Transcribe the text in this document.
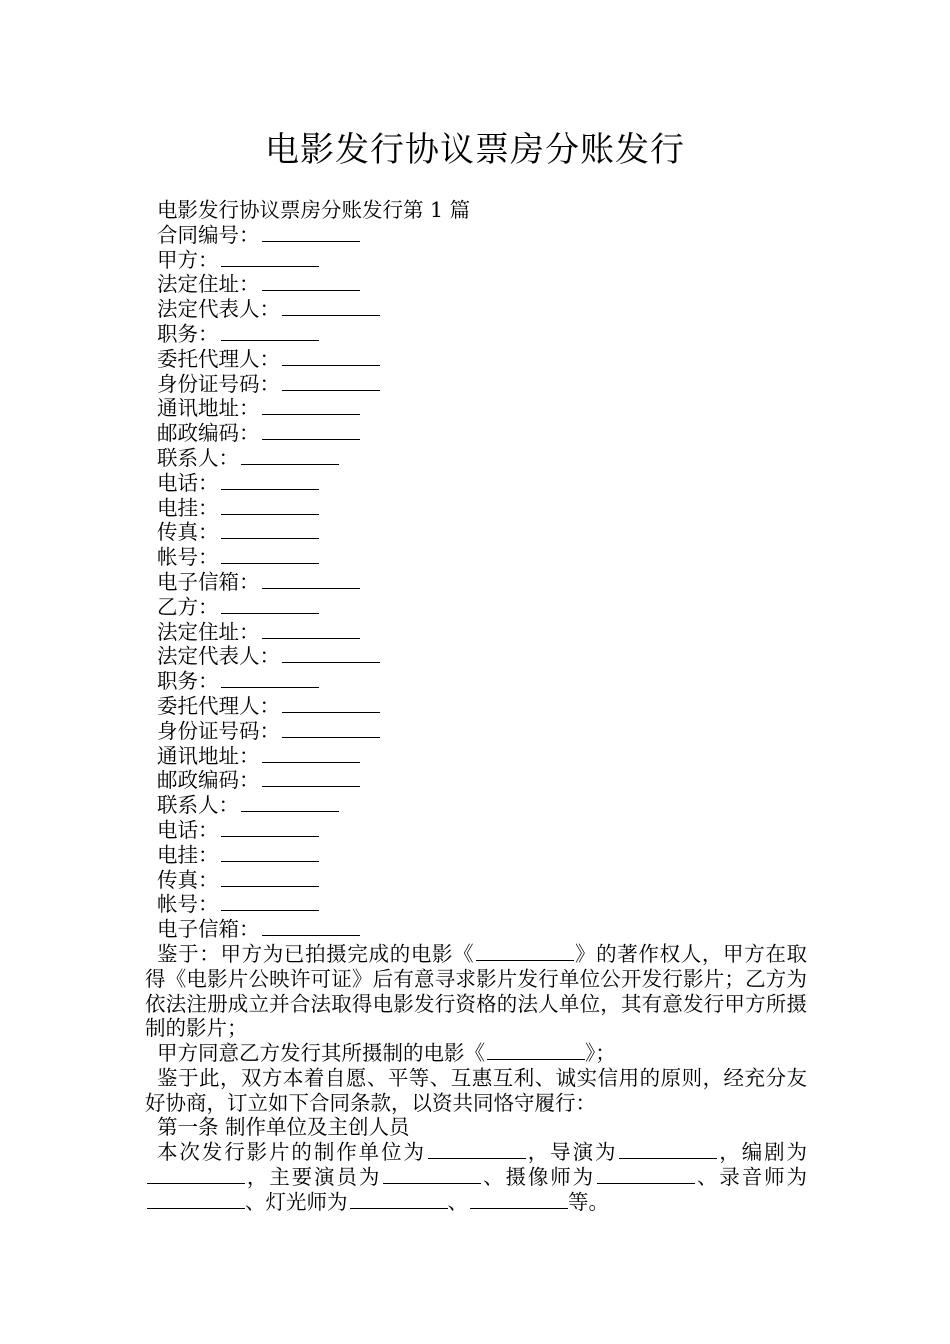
电影发行协议票房分账发行
电影发行协议票房分账发行第 1 篇
合同编号：
甲方：
法定住址：
法定代表人：
职务：
委托代理人：
身份证号码：
通讯地址：
邮政编码：
联系人：
电话：
电挂：
传真：
帐号：
电子信箱：
乙方：
法定住址：
法定代表人：
职务：
委托代理人：
身份证号码：
通讯地址：
邮政编码：
联系人：
电话：
电挂：
传真：
帐号：
电子信箱：
鉴于：甲方为已拍摄完成的电影《	》的著作权人，甲方在取得《电影片公映许可证》后有意寻求影片发行单位公开发行影片；乙方为依法注册成立并合法取得电影发行资格的法人单位，其有意发行甲方所摄制的影片；
甲方同意乙方发行其所摄制的电影《	》；
鉴于此，双方本着自愿、平等、互惠互利、诚实信用的原则，经充分友好协商，订立如下合同条款，以资共同恪守履行：
第一条 制作单位及主创人员
本次发行影片的制作单位为	，导演为	，编剧为，主要演员为	、摄像师为	、录音师为、灯光师为	、	等。
